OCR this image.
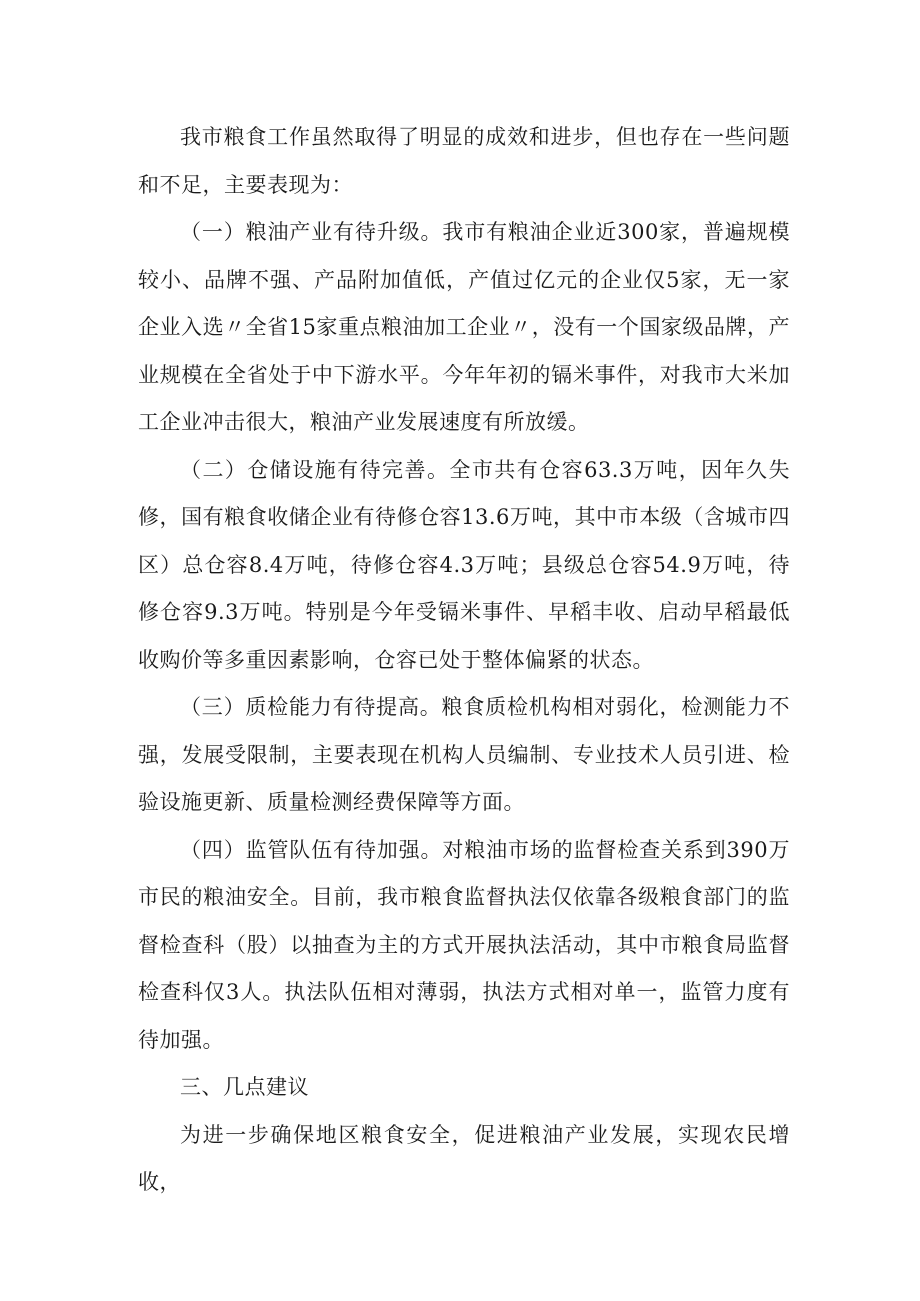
我市粮食工作虽然取得了明显的成效和进步，但也存在一些问题和不足，主要表现为：

（一）粮油产业有待升级。我市有粮油企业近300家，普遍规模较小、品牌不强、产品附加值低，产值过亿元的企业仅5家，无一家企业入选〃全省15家重点粮油加工企业〃，没有一个国家级品牌，产业规模在全省处于中下游水平。今年年初的镉米事件，对我市大米加工企业冲击很大，粮油产业发展速度有所放缓。

（二）仓储设施有待完善。全市共有仓容63.3万吨，因年久失修，国有粮食收储企业有待修仓容13.6万吨，其中市本级（含城市四区）总仓容8.4万吨，待修仓容4.3万吨；县级总仓容54.9万吨，待修仓容9.3万吨。特别是今年受镉米事件、早稻丰收、启动早稻最低收购价等多重因素影响，仓容已处于整体偏紧的状态。

（三）质检能力有待提高。粮食质检机构相对弱化，检测能力不强，发展受限制，主要表现在机构人员编制、专业技术人员引进、检验设施更新、质量检测经费保障等方面。

（四）监管队伍有待加强。对粮油市场的监督检查关系到390万市民的粮油安全。目前，我市粮食监督执法仅依靠各级粮食部门的监督检查科（股）以抽查为主的方式开展执法活动，其中市粮食局监督检查科仅3人。执法队伍相对薄弱，执法方式相对单一，监管力度有待加强。

三、几点建议

为进一步确保地区粮食安全，促进粮油产业发展，实现农民增收，
